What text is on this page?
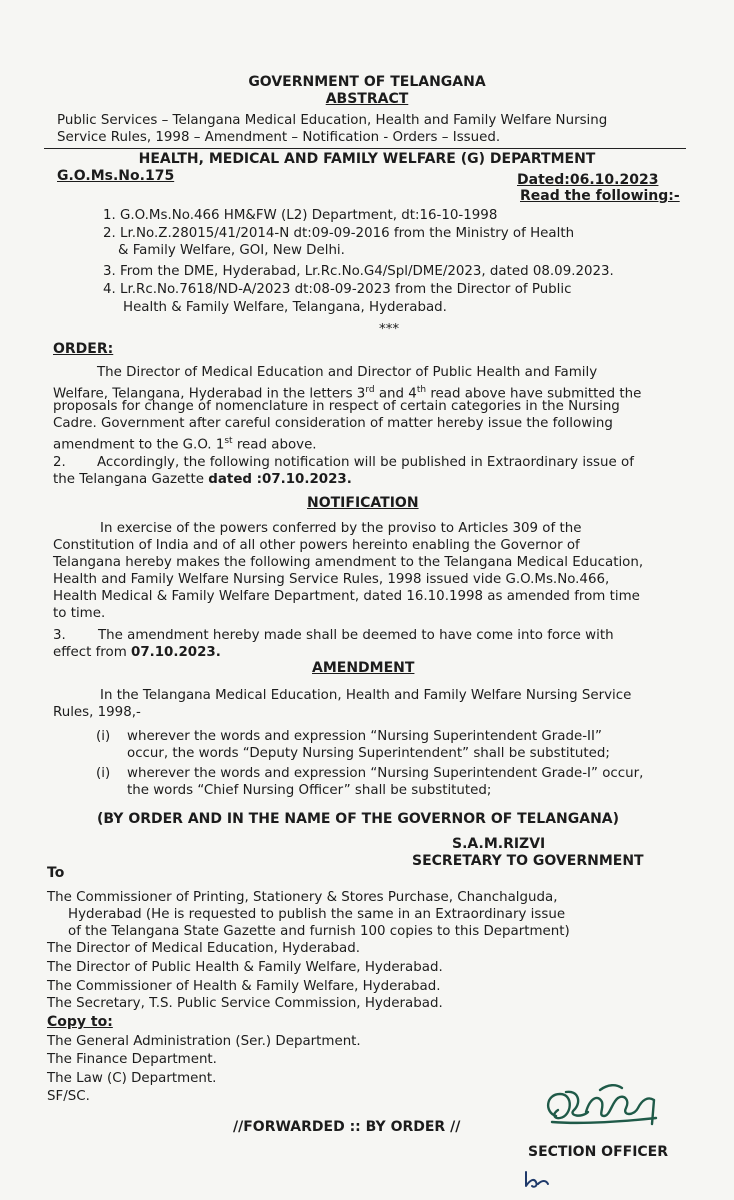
GOVERNMENT OF TELANGANA
ABSTRACT
Public Services – Telangana Medical Education, Health and Family Welfare Nursing
Service Rules, 1998 – Amendment – Notification - Orders – Issued.
HEALTH, MEDICAL AND FAMILY WELFARE (G) DEPARTMENT
G.O.Ms.No.175	Dated:06.10.2023
Read the following:-
1. G.O.Ms.No.466 HM&FW (L2) Department, dt:16-10-1998
2. Lr.No.Z.28015/41/2014-N dt:09-09-2016 from the Ministry of Health
& Family Welfare, GOI, New Delhi.
3. From the DME, Hyderabad, Lr.Rc.No.G4/Spl/DME/2023, dated 08.09.2023.
4. Lr.Rc.No.7618/ND-A/2023 dt:08-09-2023 from the Director of Public
Health & Family Welfare, Telangana, Hyderabad.
***
ORDER:
The Director of Medical Education and Director of Public Health and Family
Welfare, Telangana, Hyderabad in the letters 3rd and 4th read above have submitted the
proposals for change of nomenclature in respect of certain categories in the Nursing
Cadre. Government after careful consideration of matter hereby issue the following
amendment to the G.O. 1st read above.
2. Accordingly, the following notification will be published in Extraordinary issue of
the Telangana Gazette dated :07.10.2023.
NOTIFICATION
In exercise of the powers conferred by the proviso to Articles 309 of the
Constitution of India and of all other powers hereinto enabling the Governor of
Telangana hereby makes the following amendment to the Telangana Medical Education,
Health and Family Welfare Nursing Service Rules, 1998 issued vide G.O.Ms.No.466,
Health Medical & Family Welfare Department, dated 16.10.1998 as amended from time
to time.
3. The amendment hereby made shall be deemed to have come into force with
effect from 07.10.2023.
AMENDMENT
In the Telangana Medical Education, Health and Family Welfare Nursing Service
Rules, 1998,-
(i) wherever the words and expression “Nursing Superintendent Grade-II”
occur, the words “Deputy Nursing Superintendent” shall be substituted;
(i) wherever the words and expression “Nursing Superintendent Grade-I” occur,
the words “Chief Nursing Officer” shall be substituted;
(BY ORDER AND IN THE NAME OF THE GOVERNOR OF TELANGANA)
S.A.M.RIZVI
SECRETARY TO GOVERNMENT
To
The Commissioner of Printing, Stationery & Stores Purchase, Chanchalguda,
Hyderabad (He is requested to publish the same in an Extraordinary issue
of the Telangana State Gazette and furnish 100 copies to this Department)
The Director of Medical Education, Hyderabad.
The Director of Public Health & Family Welfare, Hyderabad.
The Commissioner of Health & Family Welfare, Hyderabad.
The Secretary, T.S. Public Service Commission, Hyderabad.
Copy to:
The General Administration (Ser.) Department.
The Finance Department.
The Law (C) Department.
SF/SC.
//FORWARDED :: BY ORDER //
SECTION OFFICER
